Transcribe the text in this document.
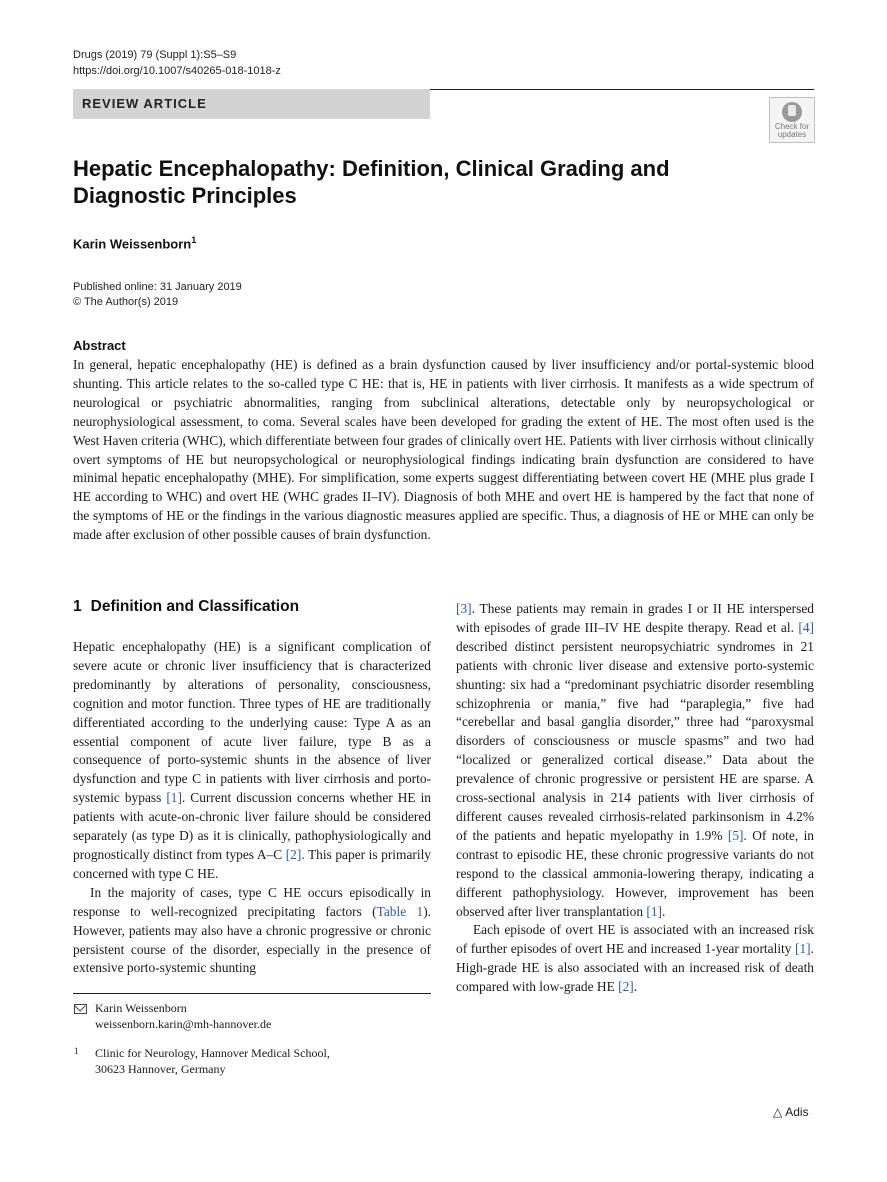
Drugs (2019) 79 (Suppl 1):S5–S9
https://doi.org/10.1007/s40265-018-1018-z
REVIEW ARTICLE
Check for
updates
Hepatic Encephalopathy: Definition, Clinical Grading and Diagnostic Principles
Karin Weissenborn$^1$
Published online: 31 January 2019
© The Author(s) 2019
Abstract
In general, hepatic encephalopathy (HE) is defined as a brain dysfunction caused by liver insufficiency and/or portal-systemic blood shunting. This article relates to the so-called type C HE: that is, HE in patients with liver cirrhosis. It manifests as a wide spectrum of neurological or psychiatric abnormalities, ranging from subclinical alterations, detectable only by neuropsychological or neurophysiological assessment, to coma. Several scales have been developed for grading the extent of HE. The most often used is the West Haven criteria (WHC), which differentiate between four grades of clinically overt HE. Patients with liver cirrhosis without clinically overt symptoms of HE but neuropsychological or neurophysiological findings indicating brain dysfunction are considered to have minimal hepatic encephalopathy (MHE). For simplification, some experts suggest differentiating between covert HE (MHE plus grade I HE according to WHC) and overt HE (WHC grades II–IV). Diagnosis of both MHE and overt HE is hampered by the fact that none of the symptoms of HE or the findings in the various diagnostic measures applied are specific. Thus, a diagnosis of HE or MHE can only be made after exclusion of other possible causes of brain dysfunction.
1 Definition and Classification

Hepatic encephalopathy (HE) is a significant complication of severe acute or chronic liver insufficiency that is characterized predominantly by alterations of personality, consciousness, cognition and motor function. Three types of HE are traditionally differentiated according to the underlying cause: Type A as an essential component of acute liver failure, type B as a consequence of porto-systemic shunts in the absence of liver dysfunction and type C in patients with liver cirrhosis and porto-systemic bypass [1]. Current discussion concerns whether HE in patients with acute-on-chronic liver failure should be considered separately (as type D) as it is clinically, pathophysiologically and prognostically distinct from types A–C [2]. This paper is primarily concerned with type C HE.

In the majority of cases, type C HE occurs episodically in response to well-recognized precipitating factors (Table 1). However, patients may also have a chronic progressive or chronic persistent course of the disorder, especially in the presence of extensive porto-systemic shunting

[3]. These patients may remain in grades I or II HE interspersed with episodes of grade III–IV HE despite therapy. Read et al. [4] described distinct persistent neuropsychiatric syndromes in 21 patients with chronic liver disease and extensive porto-systemic shunting: six had a “predominant psychiatric disorder resembling schizophrenia or mania,” five had “paraplegia,” five had “cerebellar and basal ganglia disorder,” three had “paroxysmal disorders of consciousness or muscle spasms” and two had “localized or generalized cortical disease.” Data about the prevalence of chronic progressive or persistent HE are sparse. A cross-sectional analysis in 214 patients with liver cirrhosis of different causes revealed cirrhosis-related parkinsonism in 4.2% of the patients and hepatic myelopathy in 1.9% [5]. Of note, in contrast to episodic HE, these chronic progressive variants do not respond to the classical ammonia-lowering therapy, indicating a different pathophysiology. However, improvement has been observed after liver transplantation [1].

Each episode of overt HE is associated with an increased risk of further episodes of overt HE and increased 1-year mortality [1]. High-grade HE is also associated with an increased risk of death compared with low-grade HE [2].

Karin Weissenborn
weissenborn.karin@mh-hannover.de
1 Clinic for Neurology, Hannover Medical School,
30623 Hannover, Germany
△ Adis
